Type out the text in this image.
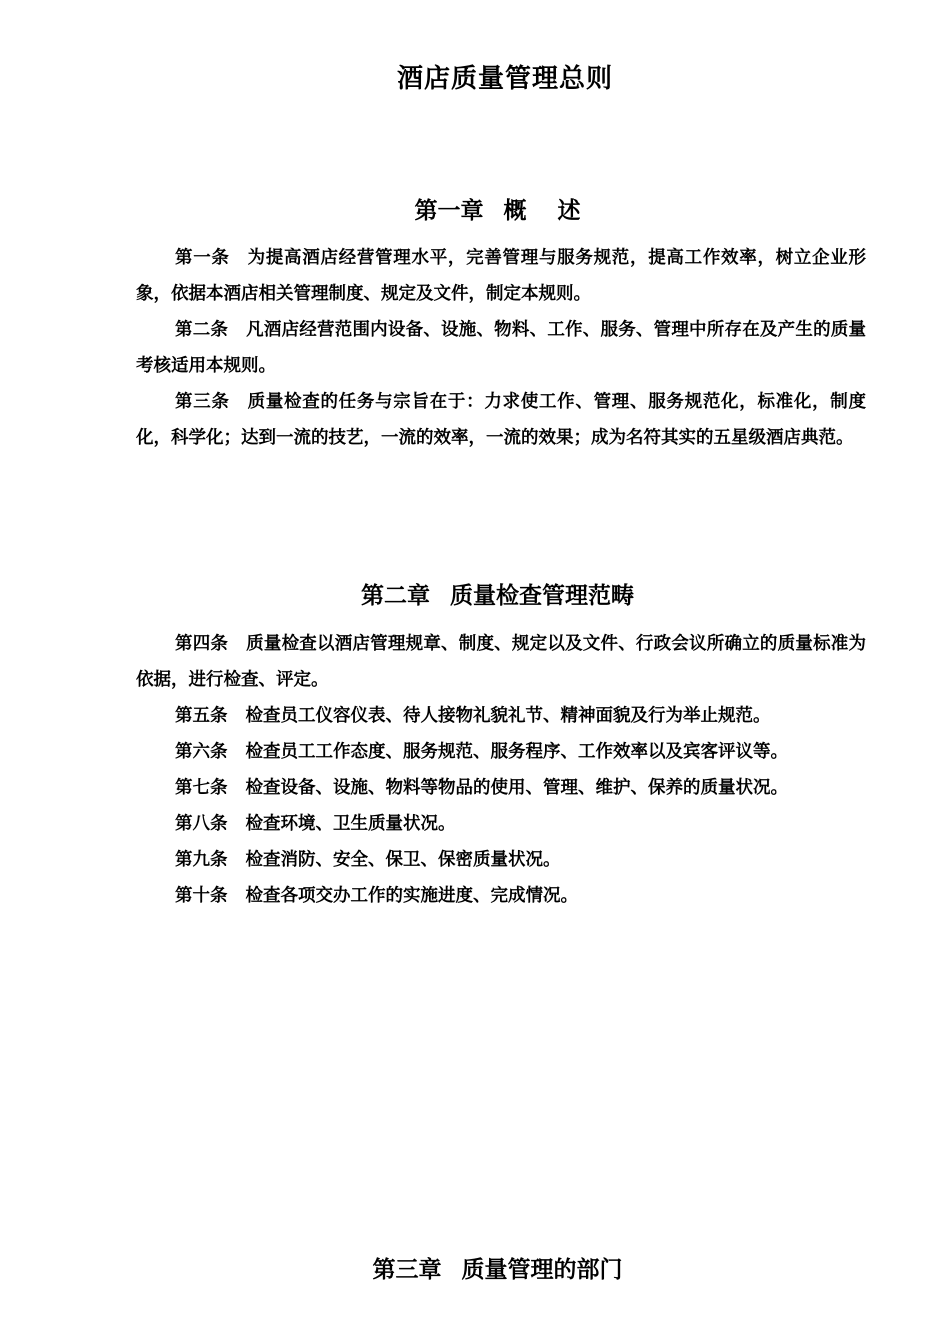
酒店质量管理总则
第一章 概　 述
第一条 为提高酒店经营管理水平，完善管理与服务规范，提高工作效率，树立企业形象，依据本酒店相关管理制度、规定及文件，制定本规则。
第二条 凡酒店经营范围内设备、设施、物料、工作、服务、管理中所存在及产生的质量考核适用本规则。
第三条 质量检查的任务与宗旨在于：力求使工作、管理、服务规范化，标准化，制度化，科学化；达到一流的技艺，一流的效率，一流的效果；成为名符其实的五星级酒店典范。
第二章 质量检查管理范畴
第四条 质量检查以酒店管理规章、制度、规定以及文件、行政会议所确立的质量标准为依据，进行检查、评定。
第五条 检查员工仪容仪表、待人接物礼貌礼节、精神面貌及行为举止规范。
第六条 检查员工工作态度、服务规范、服务程序、工作效率以及宾客评议等。
第七条 检查设备、设施、物料等物品的使用、管理、维护、保养的质量状况。
第八条 检查环境、卫生质量状况。
第九条 检查消防、安全、保卫、保密质量状况。
第十条 检查各项交办工作的实施进度、完成情况。
第三章 质量管理的部门
